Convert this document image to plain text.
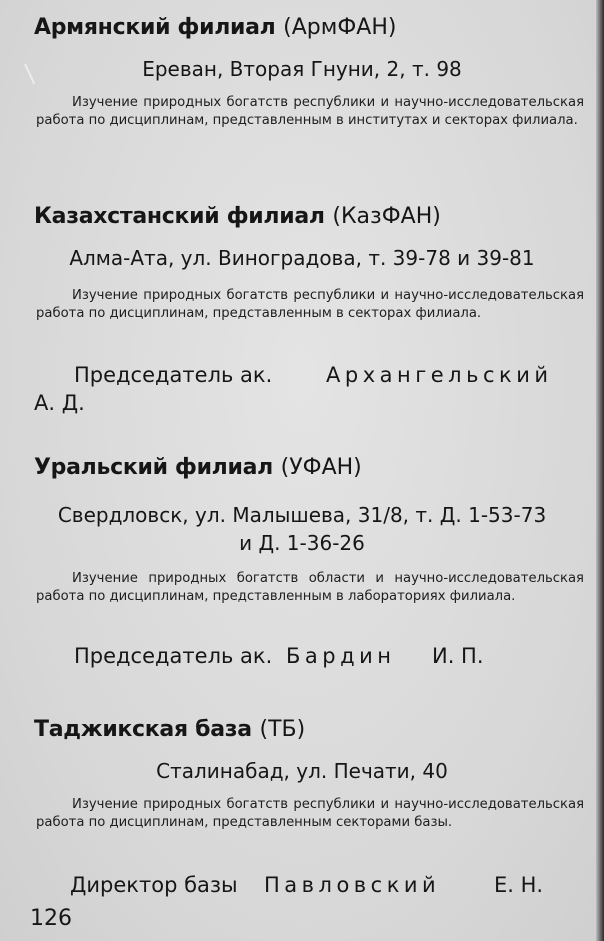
Армянский филиал (АрмФАН)

Ереван, Вторая Гнуни, 2, т. 98

Изучение природных богатств республики и научно-исследовательская работа по дисциплинам, представленным в институтах и секторах филиала.

Казахстанский филиал (КазФАН)

Алма-Ата, ул. Виноградова, т. 39-78 и 39-81

Изучение природных богатств республики и научно-исследовательская работа по дисциплинам, представленным в секторах филиала.

Председатель ак.	Архангельский

А. Д.

Уральский филиал (УФАН)

Свердловск, ул. Малышева, 31/8, т. Д. 1-53-73

и Д. 1-36-26

Изучение природных богатств области и научно-исследовательская работа по дисциплинам, представленным в лабораториях филиала.

Председатель ак. Бардин И. П.

Таджикская база (ТБ)

Сталинабад, ул. Печати, 40

Изучение природных богатств республики и научно-исследовательская работа по дисциплинам, представленным секторами базы.

Директор базы Павловский	Е. Н.

126
